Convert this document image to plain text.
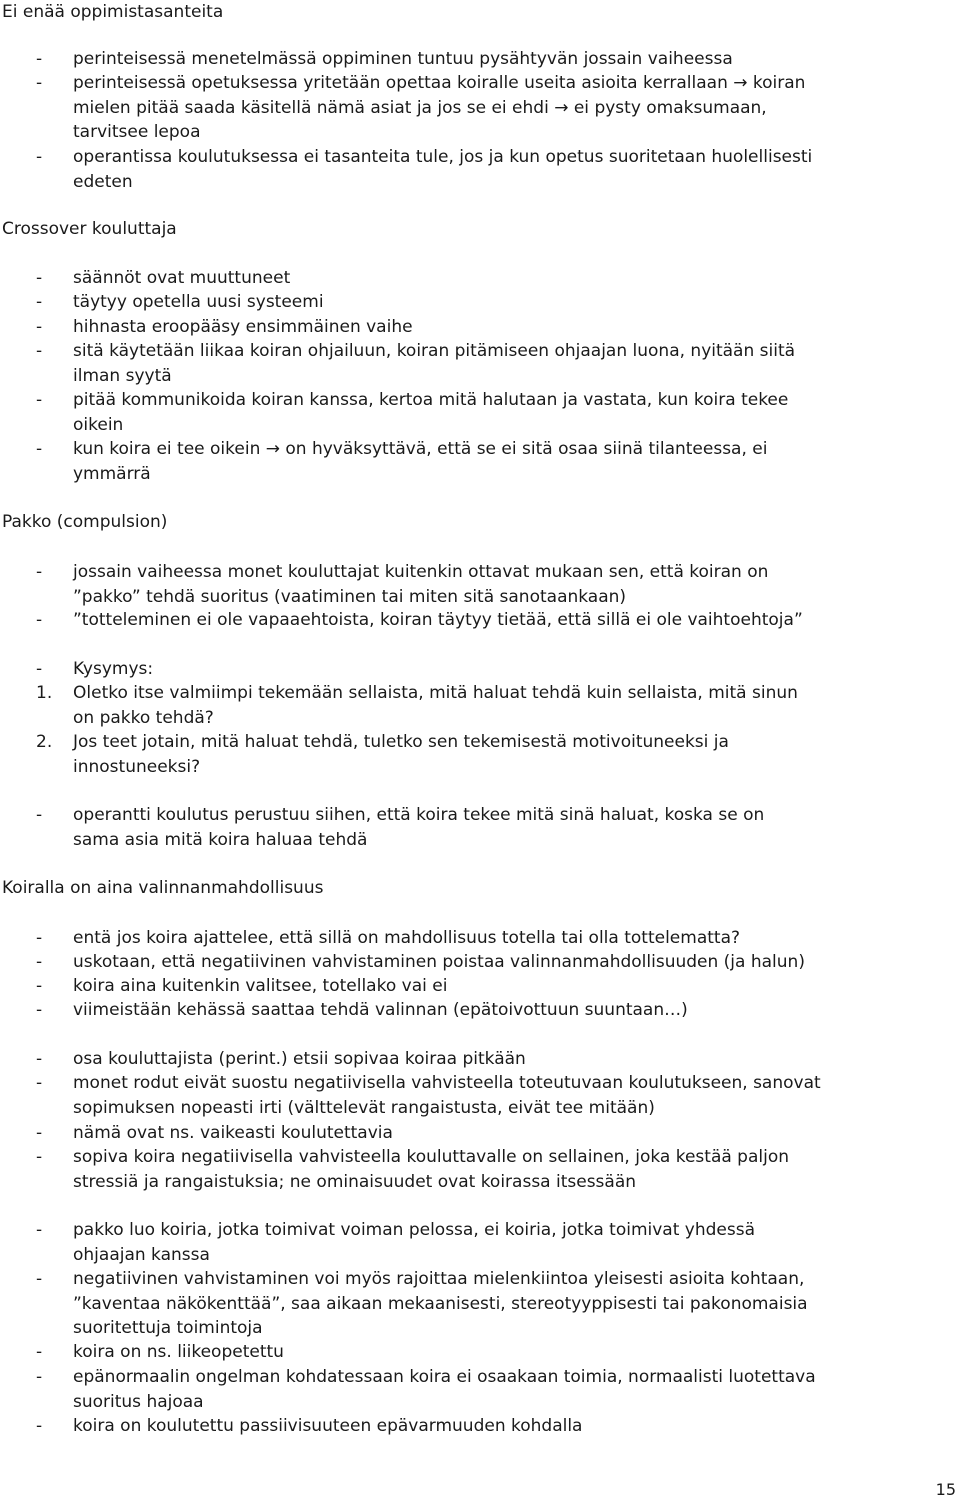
Ei enää oppimistasanteita
- perinteisessä menetelmässä oppiminen tuntuu pysähtyvän jossain vaiheessa
- perinteisessä opetuksessa yritetään opettaa koiralle useita asioita kerrallaan → koiran
mielen pitää saada käsitellä nämä asiat ja jos se ei ehdi → ei pysty omaksumaan,
tarvitsee lepoa
- operantissa koulutuksessa ei tasanteita tule, jos ja kun opetus suoritetaan huolellisesti
edeten
Crossover kouluttaja
- säännöt ovat muuttuneet
- täytyy opetella uusi systeemi
- hihnasta eroopääsy ensimmäinen vaihe
- sitä käytetään liikaa koiran ohjailuun, koiran pitämiseen ohjaajan luona, nyitään siitä
ilman syytä
- pitää kommunikoida koiran kanssa, kertoa mitä halutaan ja vastata, kun koira tekee
oikein
- kun koira ei tee oikein → on hyväksyttävä, että se ei sitä osaa siinä tilanteessa, ei
ymmärrä
Pakko (compulsion)
- jossain vaiheessa monet kouluttajat kuitenkin ottavat mukaan sen, että koiran on
”pakko” tehdä suoritus (vaatiminen tai miten sitä sanotaankaan)
- ”totteleminen ei ole vapaaehtoista, koiran täytyy tietää, että sillä ei ole vaihtoehtoja”
- Kysymys:
1. Oletko itse valmiimpi tekemään sellaista, mitä haluat tehdä kuin sellaista, mitä sinun
on pakko tehdä?
2. Jos teet jotain, mitä haluat tehdä, tuletko sen tekemisestä motivoituneeksi ja
innostuneeksi?
- operantti koulutus perustuu siihen, että koira tekee mitä sinä haluat, koska se on
sama asia mitä koira haluaa tehdä
Koiralla on aina valinnanmahdollisuus
- entä jos koira ajattelee, että sillä on mahdollisuus totella tai olla tottelematta?
- uskotaan, että negatiivinen vahvistaminen poistaa valinnanmahdollisuuden (ja halun)
- koira aina kuitenkin valitsee, totellako vai ei
- viimeistään kehässä saattaa tehdä valinnan (epätoivottuun suuntaan…)
- osa kouluttajista (perint.) etsii sopivaa koiraa pitkään
- monet rodut eivät suostu negatiivisella vahvisteella toteutuvaan koulutukseen, sanovat
sopimuksen nopeasti irti (välttelevät rangaistusta, eivät tee mitään)
- nämä ovat ns. vaikeasti koulutettavia
- sopiva koira negatiivisella vahvisteella kouluttavalle on sellainen, joka kestää paljon
stressiä ja rangaistuksia; ne ominaisuudet ovat koirassa itsessään
- pakko luo koiria, jotka toimivat voiman pelossa, ei koiria, jotka toimivat yhdessä
ohjaajan kanssa
- negatiivinen vahvistaminen voi myös rajoittaa mielenkiintoa yleisesti asioita kohtaan,
”kaventaa näkökenttää”, saa aikaan mekaanisesti, stereotyyppisesti tai pakonomaisia
suoritettuja toimintoja
- koira on ns. liikeopetettu
- epänormaalin ongelman kohdatessaan koira ei osaakaan toimia, normaalisti luotettava
suoritus hajoaa
- koira on koulutettu passiivisuuteen epävarmuuden kohdalla
15
